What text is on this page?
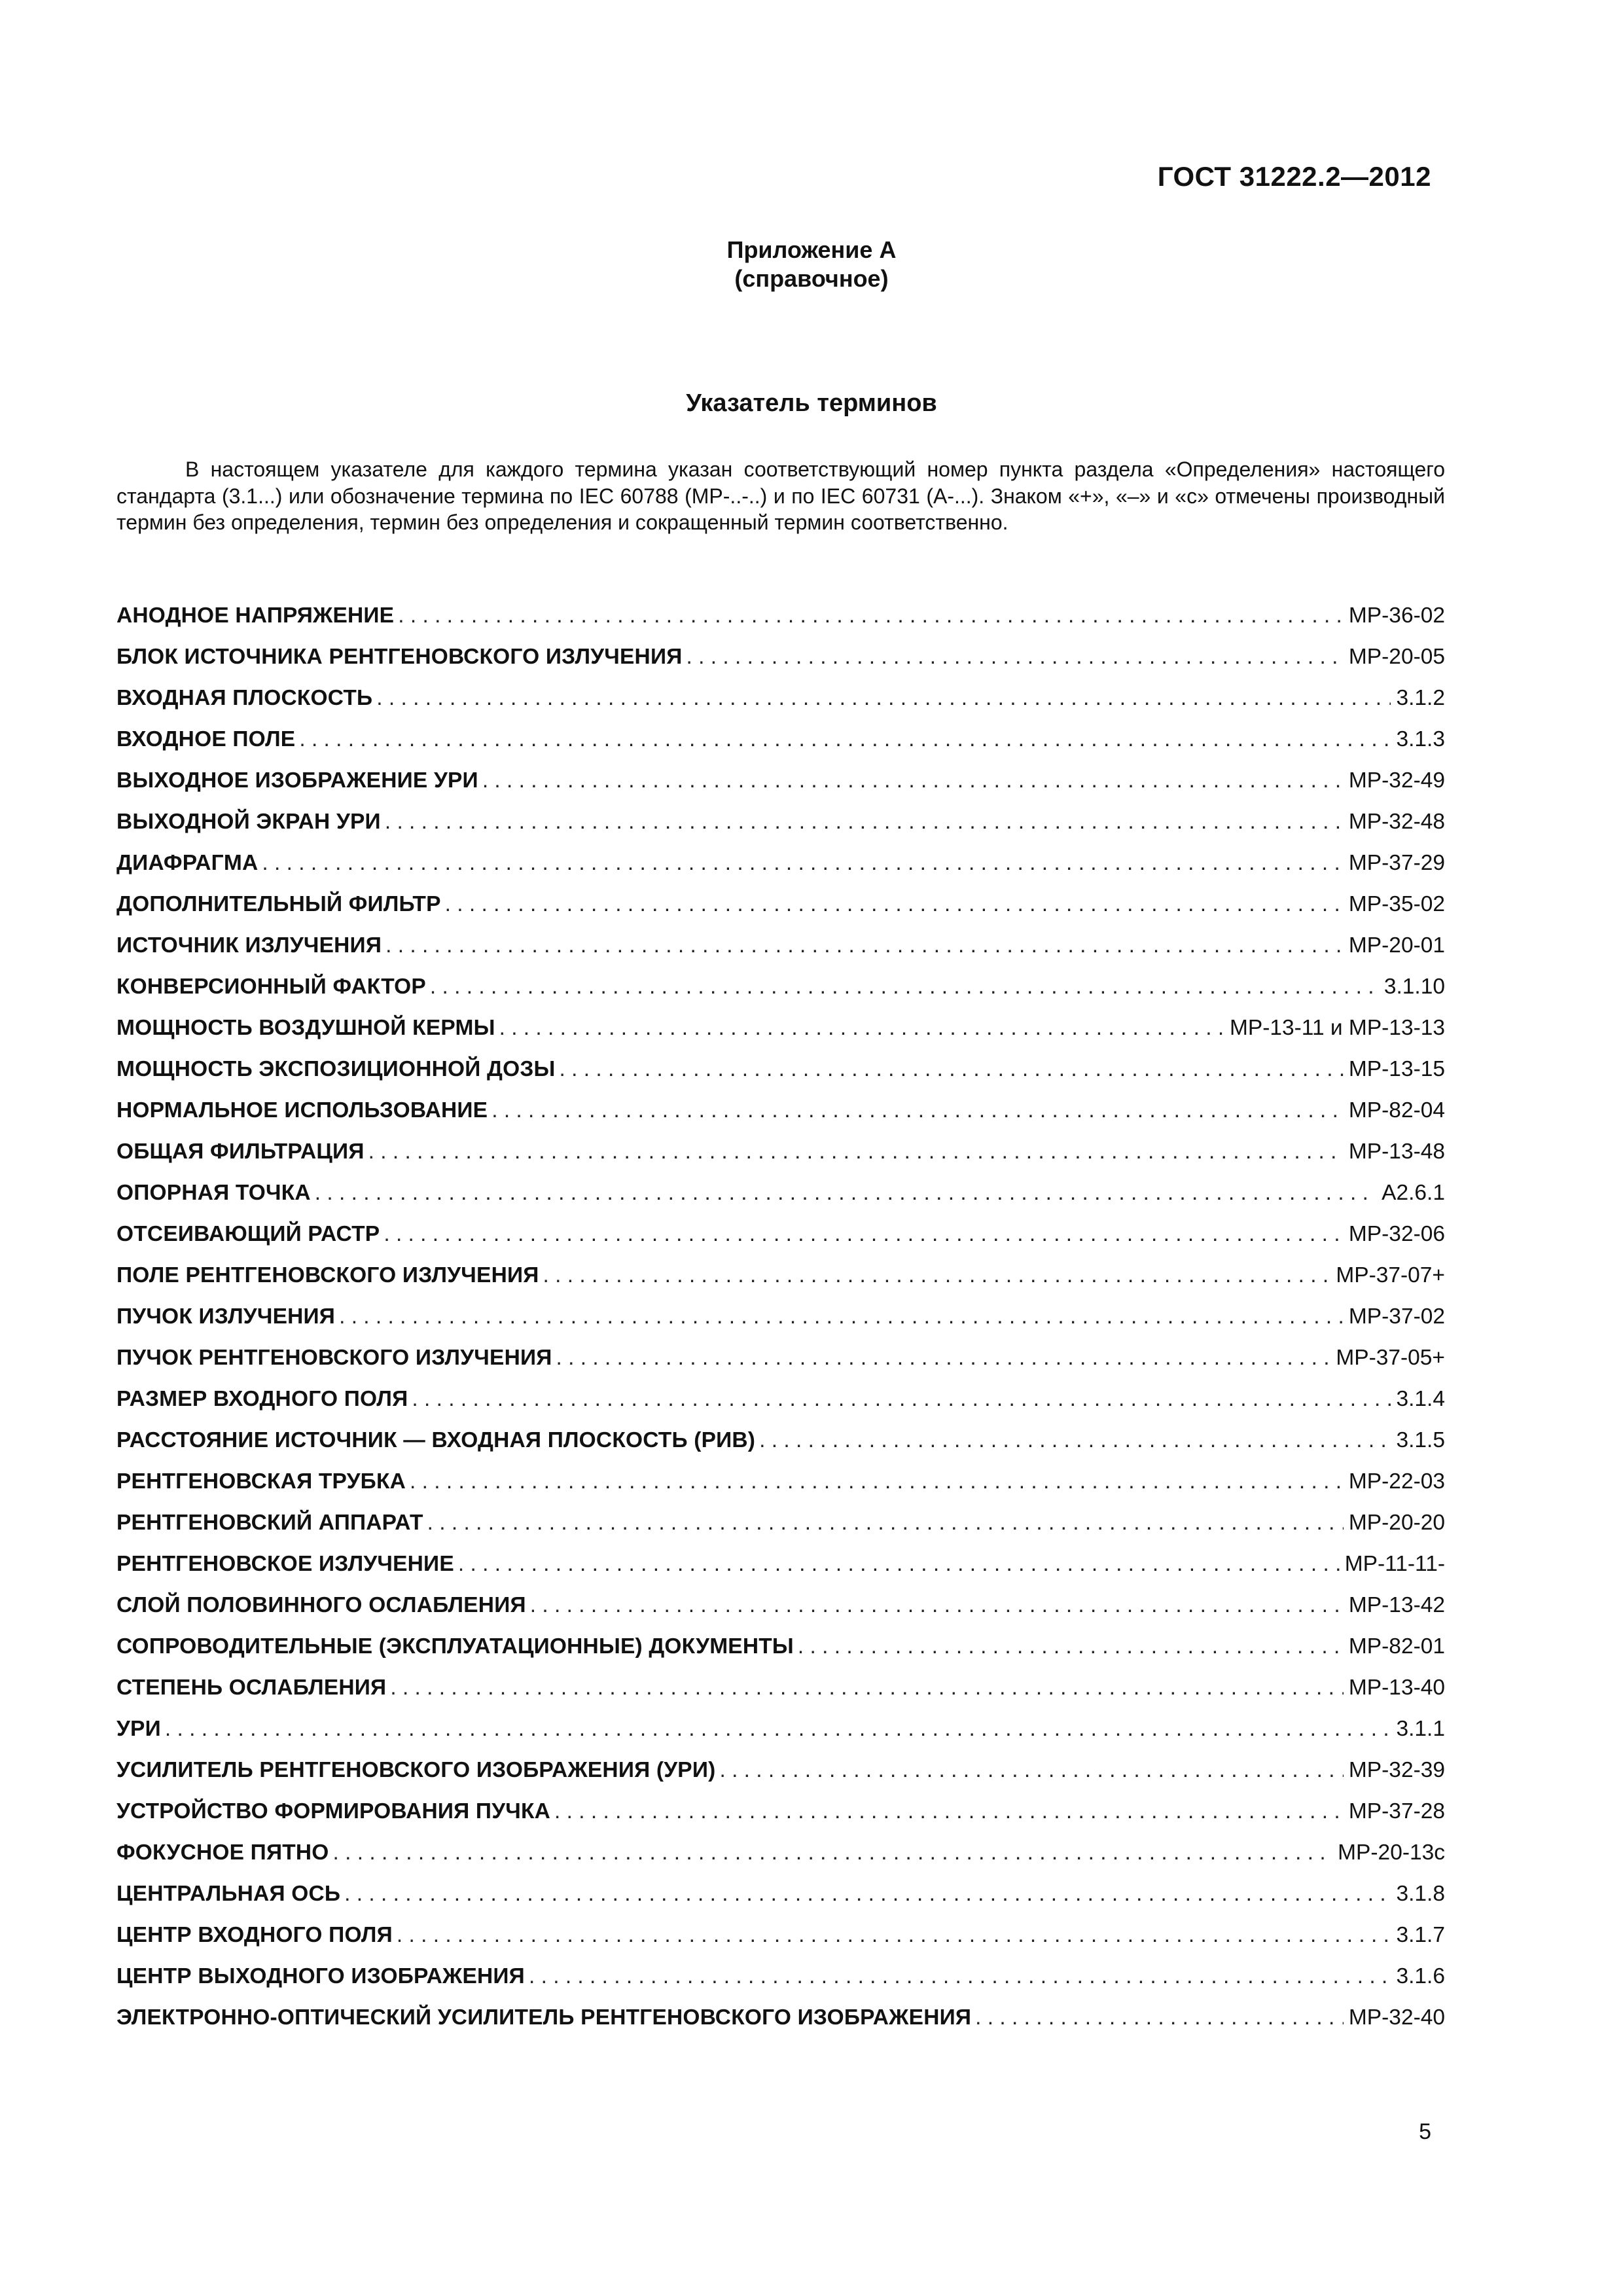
ГОСТ 31222.2—2012
Приложение А
(справочное)
Указатель терминов

В настоящем указателе для каждого термина указан соответствующий номер пункта раздела «Определения» настоящего стандарта (3.1...) или обозначение термина по IEC 60788 (МР-..-..) и по IEC 60731 (А-...). Знаком «+», «–» и «с» отмечены производный термин без определения, термин без определения и сокращенный термин соответственно.

АНОДНОЕ НАПРЯЖЕНИЕ . . .	МР-36-02
БЛОК ИСТОЧНИКА РЕНТГЕНОВСКОГО ИЗЛУЧЕНИЯ . . .	МР-20-05
ВХОДНАЯ ПЛОСКОСТЬ . . .	3.1.2
ВХОДНОЕ ПОЛЕ . . .	3.1.3
ВЫХОДНОЕ ИЗОБРАЖЕНИЕ УРИ . . .	МР-32-49
ВЫХОДНОЙ ЭКРАН УРИ . . .	МР-32-48
ДИАФРАГМА . . .	МР-37-29
ДОПОЛНИТЕЛЬНЫЙ ФИЛЬТР . . .	МР-35-02
ИСТОЧНИК ИЗЛУЧЕНИЯ . . .	МР-20-01
КОНВЕРСИОННЫЙ ФАКТОР . . .	3.1.10
МОЩНОСТЬ ВОЗДУШНОЙ КЕРМЫ . . .	МР-13-11 и МР-13-13
МОЩНОСТЬ ЭКСПОЗИЦИОННОЙ ДОЗЫ . . .	МР-13-15
НОРМАЛЬНОЕ ИСПОЛЬЗОВАНИЕ . . .	МР-82-04
ОБЩАЯ ФИЛЬТРАЦИЯ . . .	МР-13-48
ОПОРНАЯ ТОЧКА . . .	А2.6.1
ОТСЕИВАЮЩИЙ РАСТР . . .	МР-32-06
ПОЛЕ РЕНТГЕНОВСКОГО ИЗЛУЧЕНИЯ . . .	МР-37-07+
ПУЧОК ИЗЛУЧЕНИЯ . . .	МР-37-02
ПУЧОК РЕНТГЕНОВСКОГО ИЗЛУЧЕНИЯ . . .	МР-37-05+
РАЗМЕР ВХОДНОГО ПОЛЯ . . .	3.1.4
РАССТОЯНИЕ ИСТОЧНИК — ВХОДНАЯ ПЛОСКОСТЬ (РИВ) . . .	3.1.5
РЕНТГЕНОВСКАЯ ТРУБКА . . .	МР-22-03
РЕНТГЕНОВСКИЙ АППАРАТ . . .	МР-20-20
РЕНТГЕНОВСКОЕ ИЗЛУЧЕНИЕ . . .	МР-11-11-
СЛОЙ ПОЛОВИННОГО ОСЛАБЛЕНИЯ . . .	МР-13-42
СОПРОВОДИТЕЛЬНЫЕ (ЭКСПЛУАТАЦИОННЫЕ) ДОКУМЕНТЫ . . .	МР-82-01
СТЕПЕНЬ ОСЛАБЛЕНИЯ . . .	МР-13-40
УРИ . . .	3.1.1
УСИЛИТЕЛЬ РЕНТГЕНОВСКОГО ИЗОБРАЖЕНИЯ (УРИ) . . .	МР-32-39
УСТРОЙСТВО ФОРМИРОВАНИЯ ПУЧКА . . .	МР-37-28
ФОКУСНОЕ ПЯТНО . . .	МР-20-13с
ЦЕНТРАЛЬНАЯ ОСЬ . . .	3.1.8
ЦЕНТР ВХОДНОГО ПОЛЯ . . .	3.1.7
ЦЕНТР ВЫХОДНОГО ИЗОБРАЖЕНИЯ . . .	3.1.6
ЭЛЕКТРОННО-ОПТИЧЕСКИЙ УСИЛИТЕЛЬ РЕНТГЕНОВСКОГО ИЗОБРАЖЕНИЯ . . .	МР-32-40
5
